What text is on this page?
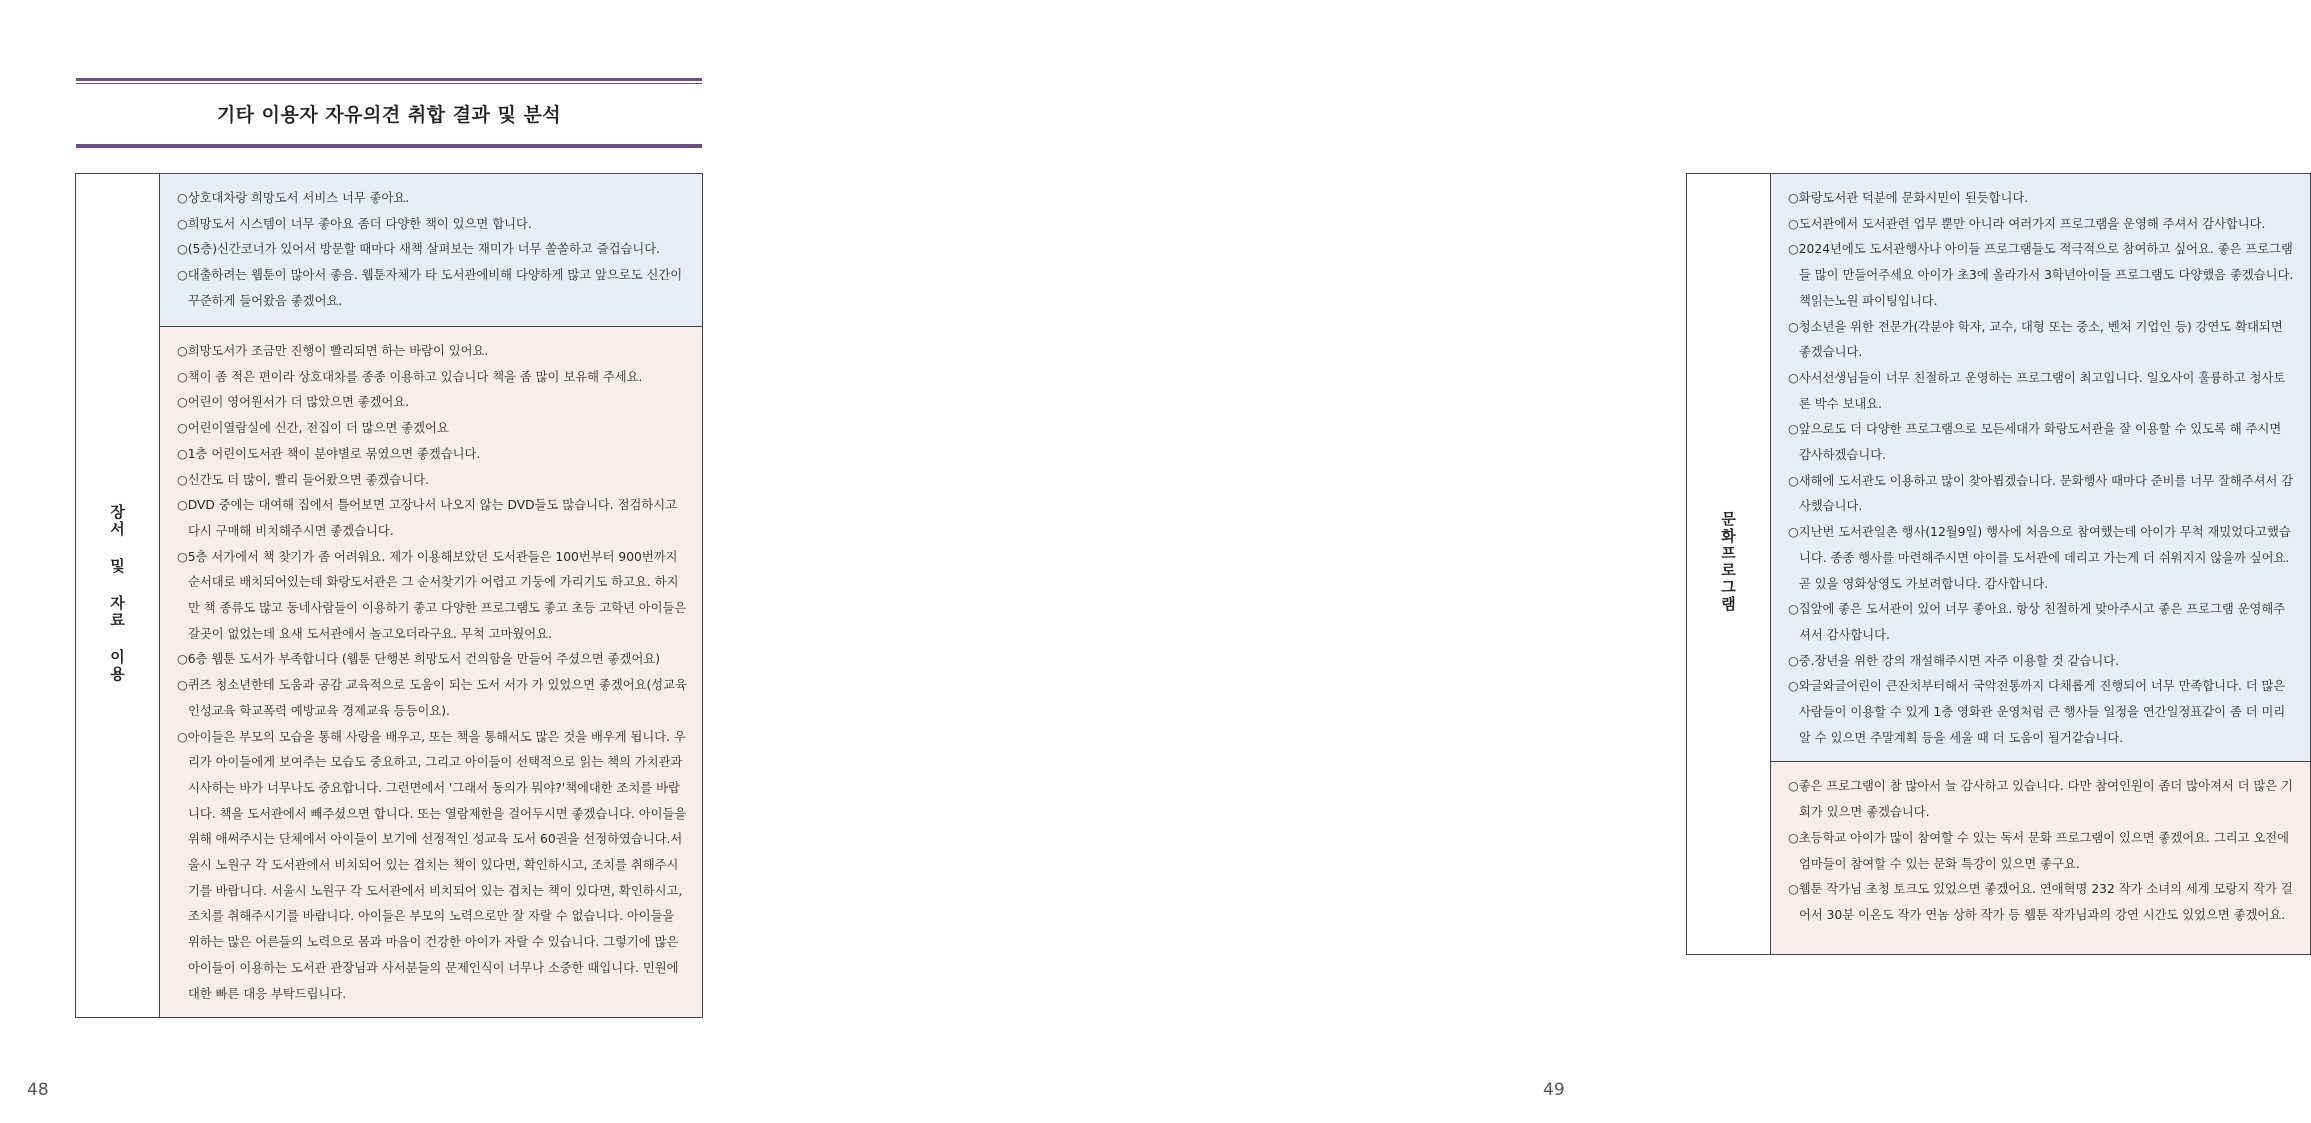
기타 이용자 자유의견 취합 결과 및 분석
장서 및 자료 이용	
○상호대차랑 희망도서 서비스 너무 좋아요.
○희망도서 시스템이 너무 좋아요 좀더 다양한 책이 있으면 합니다.
○(5층)신간코너가 있어서 방문할 때마다 새책 살펴보는 재미가 너무 쏠쏠하고 즐겁습니다.
○대출하려는 웹툰이 많아서 좋음. 웹툰자체가 타 도서관에비해 다양하게 많고 앞으로도 신간이 꾸준하게 들어왔음 좋겠어요.

○희망도서가 조금만 진행이 빨리되면 하는 바람이 있어요.
○책이 좀 적은 편이라 상호대차를 종종 이용하고 있습니다 책을 좀 많이 보유해 주세요.
○어린이 영어원서가 더 많았으면 좋겠어요.
○어린이열람실에 신간, 전집이 더 많으면 좋겠어요
○1층 어린이도서관 책이 분야별로 묶였으면 좋겠습니다.
○신간도 더 많이, 빨리 들어왔으면 좋겠습니다.
○DVD 중에는 대여해 집에서 틀어보면 고장나서 나오지 않는 DVD들도 많습니다. 점검하시고 다시 구매해 비치해주시면 좋겠습니다.
○5층 서가에서 책 찾기가 좀 어려워요. 제가 이용해보았던 도서관들은 100번부터 900번까지 순서대로 배치되어있는데 화랑도서관은 그 순서찾기가 어렵고 기둥에 가리기도 하고요. 하지만 책 종류도 많고 동네사람들이 이용하기 좋고 다양한 프로그램도 좋고 초등 고학년 아이들은 갈곳이 없었는데 요새 도서관에서 놀고오더라구요. 무척 고마웠어요.
○6층 웹툰 도서가 부족합니다 (웹툰 단행본 희망도서 건의함을 만들어 주셨으면 좋겠어요)
○퀴즈 청소년한테 도움과 공감 교육적으로 도움이 되는 도서 서가 가 있었으면 좋겠어요(성교육 인성교육 학교폭력 예방교육 경제교육 등등이요).
○아이들은 부모의 모습을 통해 사랑을 배우고, 또는 책을 통해서도 많은 것을 배우게 됩니다. 우리가 아이들에게 보여주는 모습도 중요하고, 그리고 아이들이 선택적으로 읽는 책의 가치관과 시사하는 바가 너무나도 중요합니다. 그런면에서 '그래서 동의가 뭐야?'책에대한 조치를 바랍니다. 책을 도서관에서 빼주셨으면 합니다. 또는 열람제한을 걸어두시면 좋겠습니다. 아이들을 위해 애써주시는 단체에서 아이들이 보기에 선정적인 성교육 도서 60권을 선정하였습니다.서울시 노원구 각 도서관에서 비치되어 있는 겹치는 책이 있다면, 확인하시고, 조치를 취해주시기를 바랍니다. 서울시 노원구 각 도서관에서 비치되어 있는 겹치는 책이 있다면, 확인하시고, 조치를 취해주시기를 바랍니다. 아이들은 부모의 노력으로만 잘 자랄 수 없습니다. 아이들을 위하는 많은 어른들의 노력으로 몸과 마음이 건강한 아이가 자랄 수 있습니다. 그렇기에 많은 아이들이 이용하는 도서관 관장님과 사서분들의 문제인식이 너무나 소중한 때입니다. 민원에 대한 빠른 대응 부탁드립니다.
48
문화프로그램	
○화랑도서관 덕분에 문화시민이 된듯합니다.
○도서관에서 도서관련 업무 뿐만 아니라 여러가지 프로그램을 운영해 주셔서 감사합니다.
○2024년에도 도서관행사나 아이들 프로그램들도 적극적으로 참여하고 싶어요. 좋은 프로그램들 많이 만들어주세요 아이가 초3에 올라가서 3학년아이들 프로그램도 다양했음 좋겠습니다. 책읽는노원 파이팅입니다.
○청소년을 위한 전문가(각분야 학자, 교수, 대형 또는 중소, 벤처 기업인 등) 강연도 확대되면 좋겠습니다.
○사서선생님들이 너무 친절하고 운영하는 프로그램이 최고입니다. 일오사이 훌륭하고 청사토론 박수 보내요.
○앞으로도 더 다양한 프로그램으로 모든세대가 화랑도서관을 잘 이용할 수 있도록 해 주시면 감사하겠습니다.
○새해에 도서관도 이용하고 많이 찾아뵙겠습니다. 문화행사 때마다 준비를 너무 잘해주셔서 감사했습니다.
○지난번 도서관일촌 행사(12월9일) 행사에 처음으로 참여했는데 아이가 무척 재밌었다고했습니다. 종종 행사를 마련해주시면 아이를 도서관에 데리고 가는게 더 쉬워지지 않을까 싶어요. 곧 있을 영화상영도 가보려합니다. 감사합니다.
○집앞에 좋은 도서관이 있어 너무 좋아요. 항상 친절하게 맞아주시고 좋은 프로그램 운영해주셔서 감사합니다.
○중.장년을 위한 강의 개설해주시면 자주 이용할 것 같습니다.
○와글와글어린이 큰잔치부터해서 국악전통까지 다채롭게 진행되어 너무 만족합니다. 더 많은 사람들이 이용할 수 있게 1층 영화관 운영처럼 큰 행사들 일정을 연간일정표같이 좀 더 미리 알 수 있으면 주말계획 등을 세울 때 더 도움이 될거같습니다.

○좋은 프로그램이 참 많아서 늘 감사하고 있습니다. 다만 참여인원이 좀더 많아져서 더 많은 기회가 있으면 좋겠습니다.
○초등학교 아이가 많이 참여할 수 있는 독서 문화 프로그램이 있으면 좋겠어요. 그리고 오전에 엄마들이 참여할 수 있는 문화 특강이 있으면 좋구요.
○웹툰 작가님 초청 토크도 있었으면 좋겠어요. 연애혁명 232 작가 소녀의 세계 모랑지 작가 걸어서 30분 이온도 작가 연놈 상하 작가 등 웹툰 작가님과의 강연 시간도 있었으면 좋겠어요.
49
